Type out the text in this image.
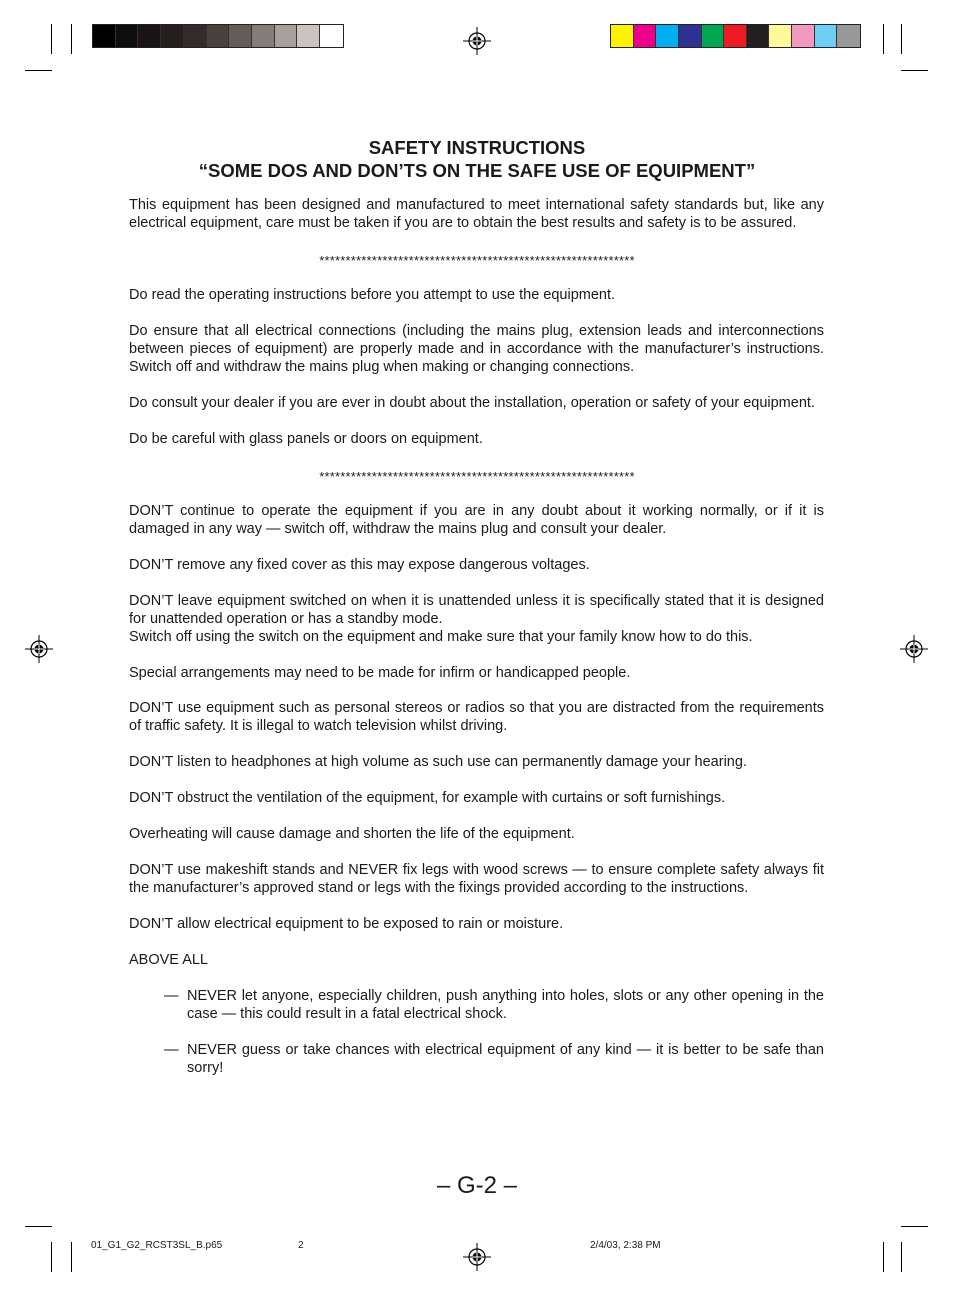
SAFETY INSTRUCTIONS
“SOME DOS AND DON’TS ON THE SAFE USE OF EQUIPMENT”
This equipment has been designed and manufactured to meet international safety standards but, like any electrical equipment, care must be taken if you are to obtain the best results and safety is to be assured.
************************************************************
Do read the operating instructions before you attempt to use the equipment.
Do ensure that all electrical connections (including the mains plug, extension leads and interconnections between pieces of equipment) are properly made and in accordance with the manufacturer’s instructions. Switch off and withdraw the mains plug when making or changing connections.
Do consult your dealer if you are ever in doubt about the installation, operation or safety of your equipment.
Do be careful with glass panels or doors on equipment.
************************************************************
DON’T continue to operate the equipment if you are in any doubt about it working normally, or if it is damaged in any way — switch off, withdraw the mains plug and consult your dealer.
DON’T remove any fixed cover as this may expose dangerous voltages.
DON’T leave equipment switched on when it is unattended unless it is specifically stated that it is designed for unattended operation or has a standby mode.
Switch off using the switch on the equipment and make sure that your family know how to do this.
Special arrangements may need to be made for infirm or handicapped people.
DON’T use equipment such as personal stereos or radios so that you are distracted from the requirements of traffic safety. It is illegal to watch television whilst driving.
DON’T listen to headphones at high volume as such use can permanently damage your hearing.
DON’T obstruct the ventilation of the equipment, for example with curtains or soft furnishings.
Overheating will cause damage and shorten the life of the equipment.
DON’T use makeshift stands and NEVER fix legs with wood screws — to ensure complete safety always fit the manufacturer’s approved stand or legs with the fixings provided according to the instructions.
DON’T allow electrical equipment to be exposed to rain or moisture.
ABOVE ALL
— NEVER let anyone, especially children, push anything into holes, slots or any other opening in the case — this could result in a fatal electrical shock.
— NEVER guess or take chances with electrical equipment of any kind — it is better to be safe than sorry!
– G-2 –
01_G1_G2_RCST3SL_B.p65	2	2/4/03, 2:38 PM
